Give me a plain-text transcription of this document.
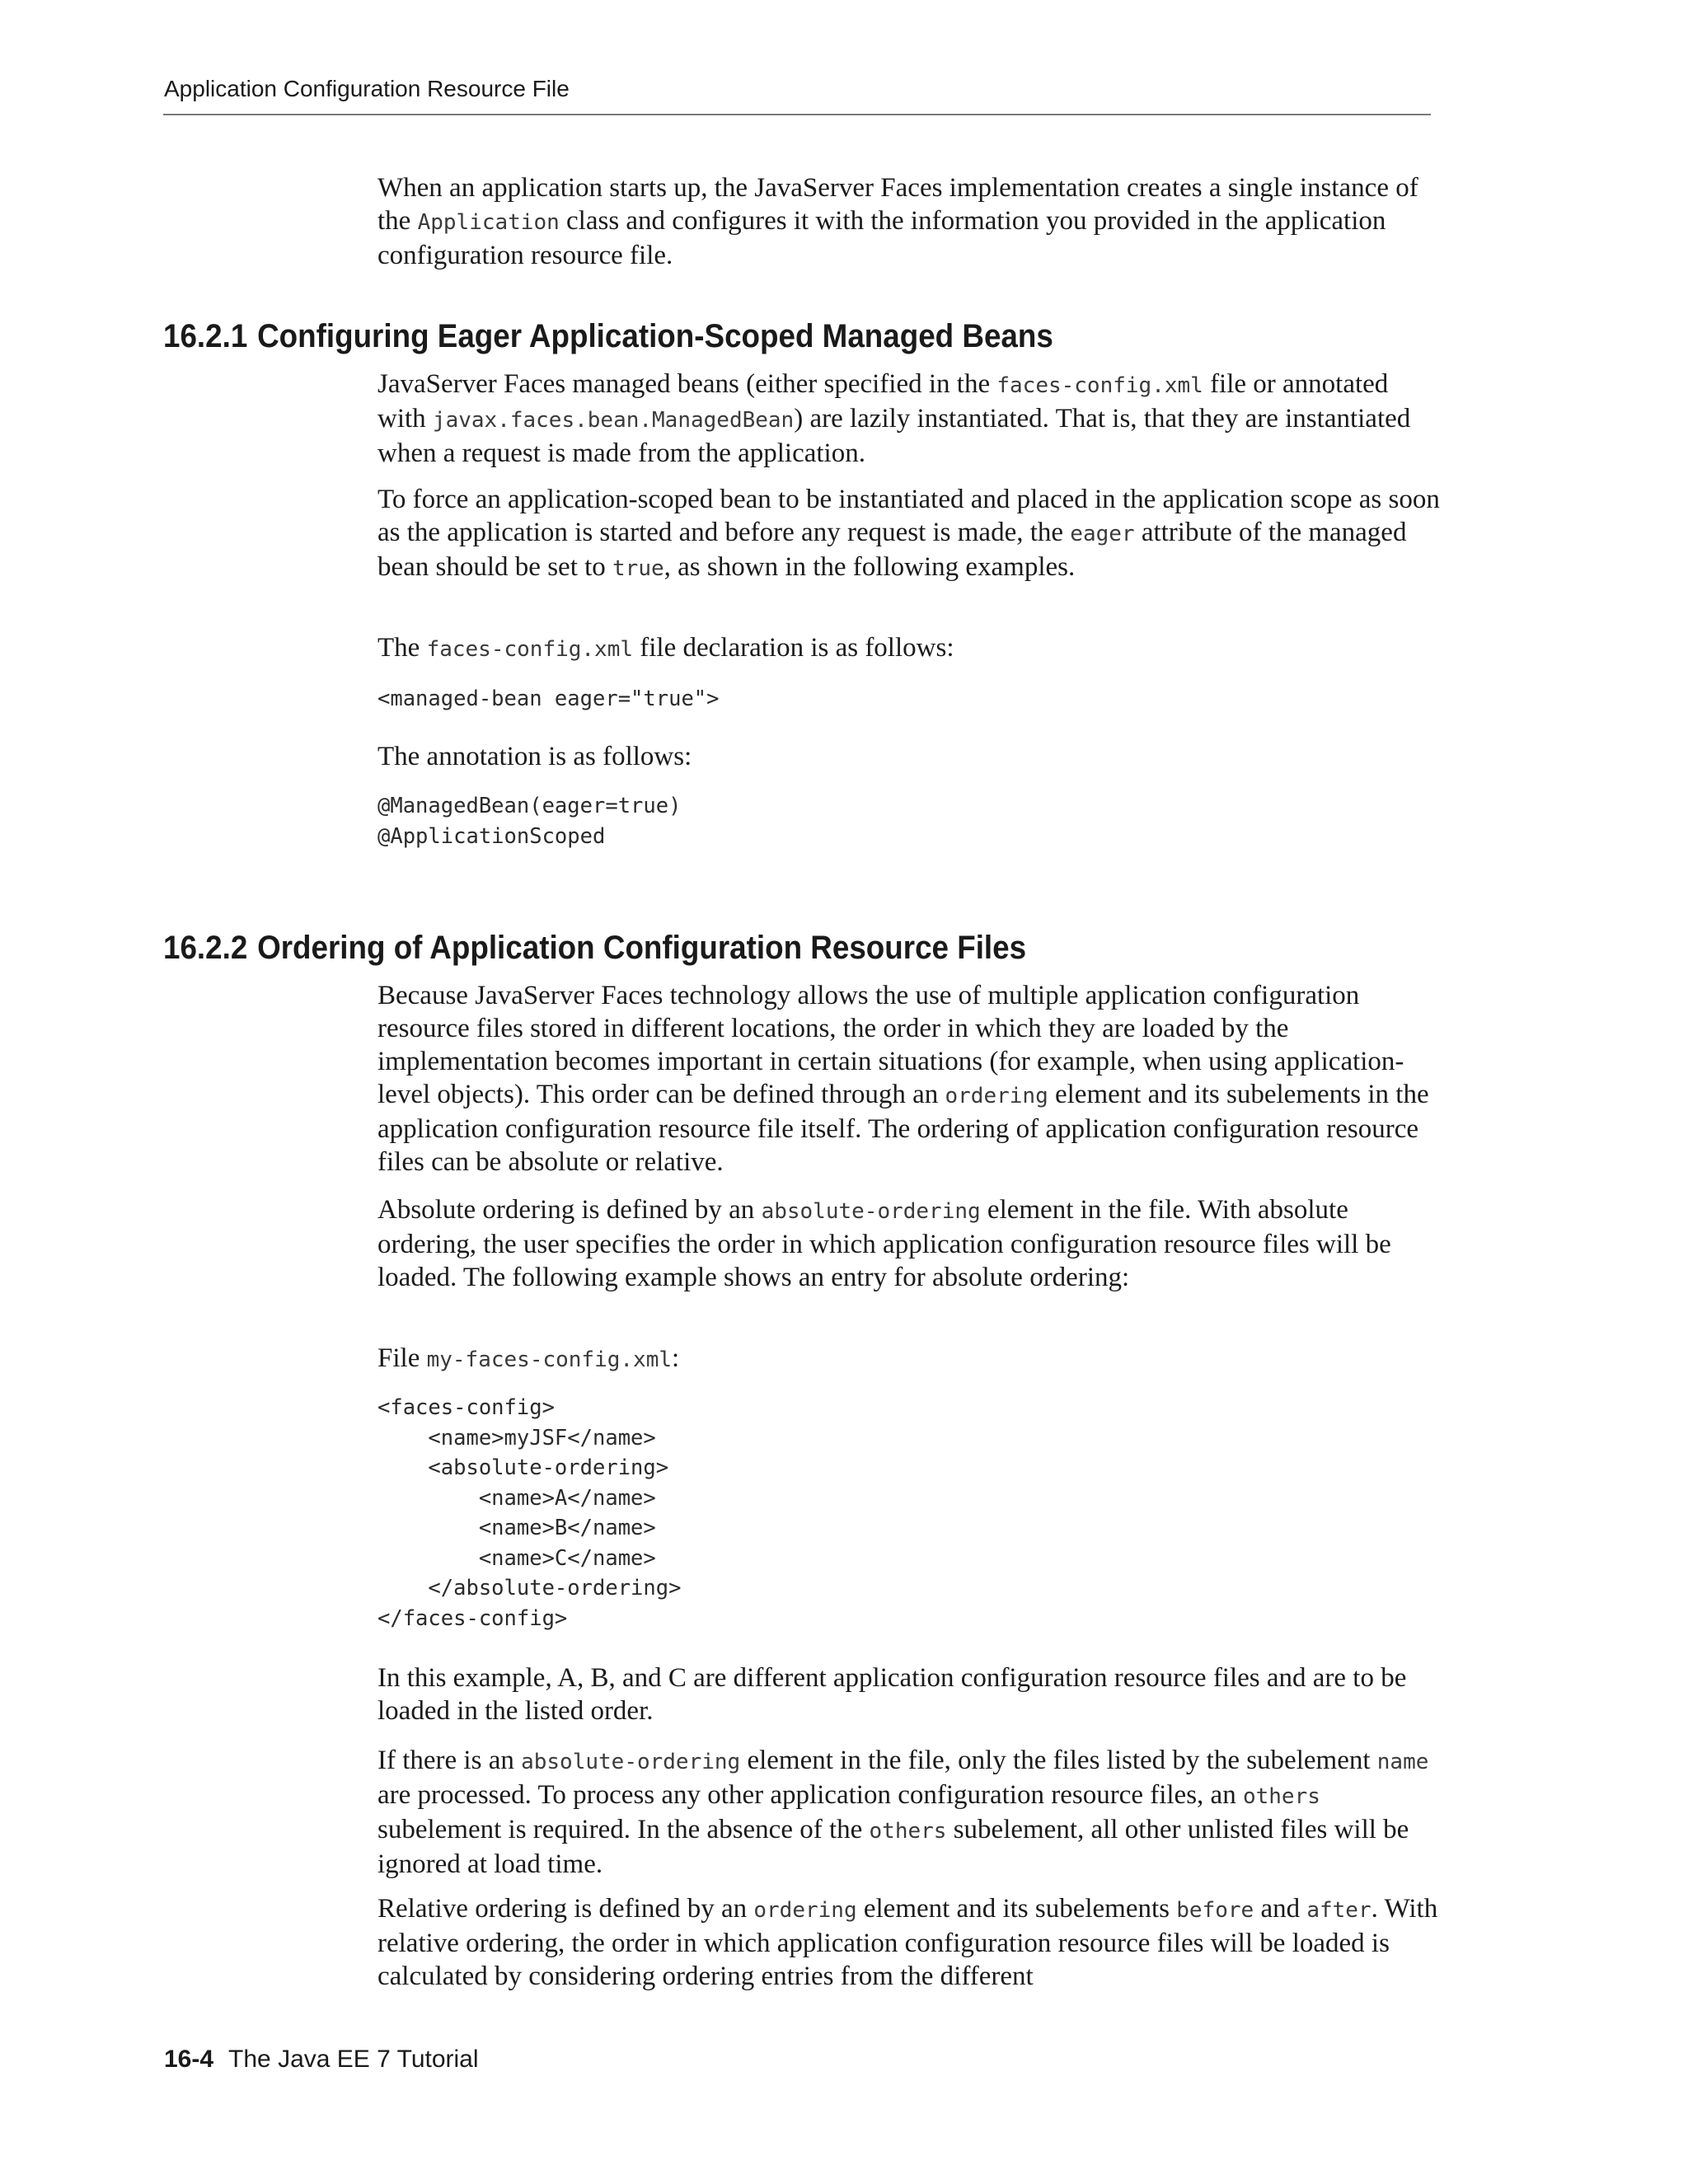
Application Configuration Resource File

When an application starts up, the JavaServer Faces implementation creates a single instance of the Application class and configures it with the information you provided in the application configuration resource file.

16.2.1 Configuring Eager Application-Scoped Managed Beans

JavaServer Faces managed beans (either specified in the faces-config.xml file or annotated with javax.faces.bean.ManagedBean) are lazily instantiated. That is, that they are instantiated when a request is made from the application.

To force an application-scoped bean to be instantiated and placed in the application scope as soon as the application is started and before any request is made, the eager attribute of the managed bean should be set to true, as shown in the following examples.

The faces-config.xml file declaration is as follows:

<managed-bean eager="true">

The annotation is as follows:

@ManagedBean(eager=true)
@ApplicationScoped
16.2.2 Ordering of Application Configuration Resource Files

Because JavaServer Faces technology allows the use of multiple application configuration resource files stored in different locations, the order in which they are loaded by the implementation becomes important in certain situations (for example, when using application-level objects). This order can be defined through an ordering element and its subelements in the application configuration resource file itself. The ordering of application configuration resource files can be absolute or relative.

Absolute ordering is defined by an absolute-ordering element in the file. With absolute ordering, the user specifies the order in which application configuration resource files will be loaded. The following example shows an entry for absolute ordering:

File my-faces-config.xml:

<faces-config>
<name>myJSF</name>
<absolute-ordering>
<name>A</name>
<name>B</name>
<name>C</name>
</absolute-ordering>
</faces-config>

In this example, A, B, and C are different application configuration resource files and are to be loaded in the listed order.

If there is an absolute-ordering element in the file, only the files listed by the subelement name are processed. To process any other application configuration resource files, an others subelement is required. In the absence of the others subelement, all other unlisted files will be ignored at load time.

Relative ordering is defined by an ordering element and its subelements before and after. With relative ordering, the order in which application configuration resource files will be loaded is calculated by considering ordering entries from the different

16-4 The Java EE 7 Tutorial
